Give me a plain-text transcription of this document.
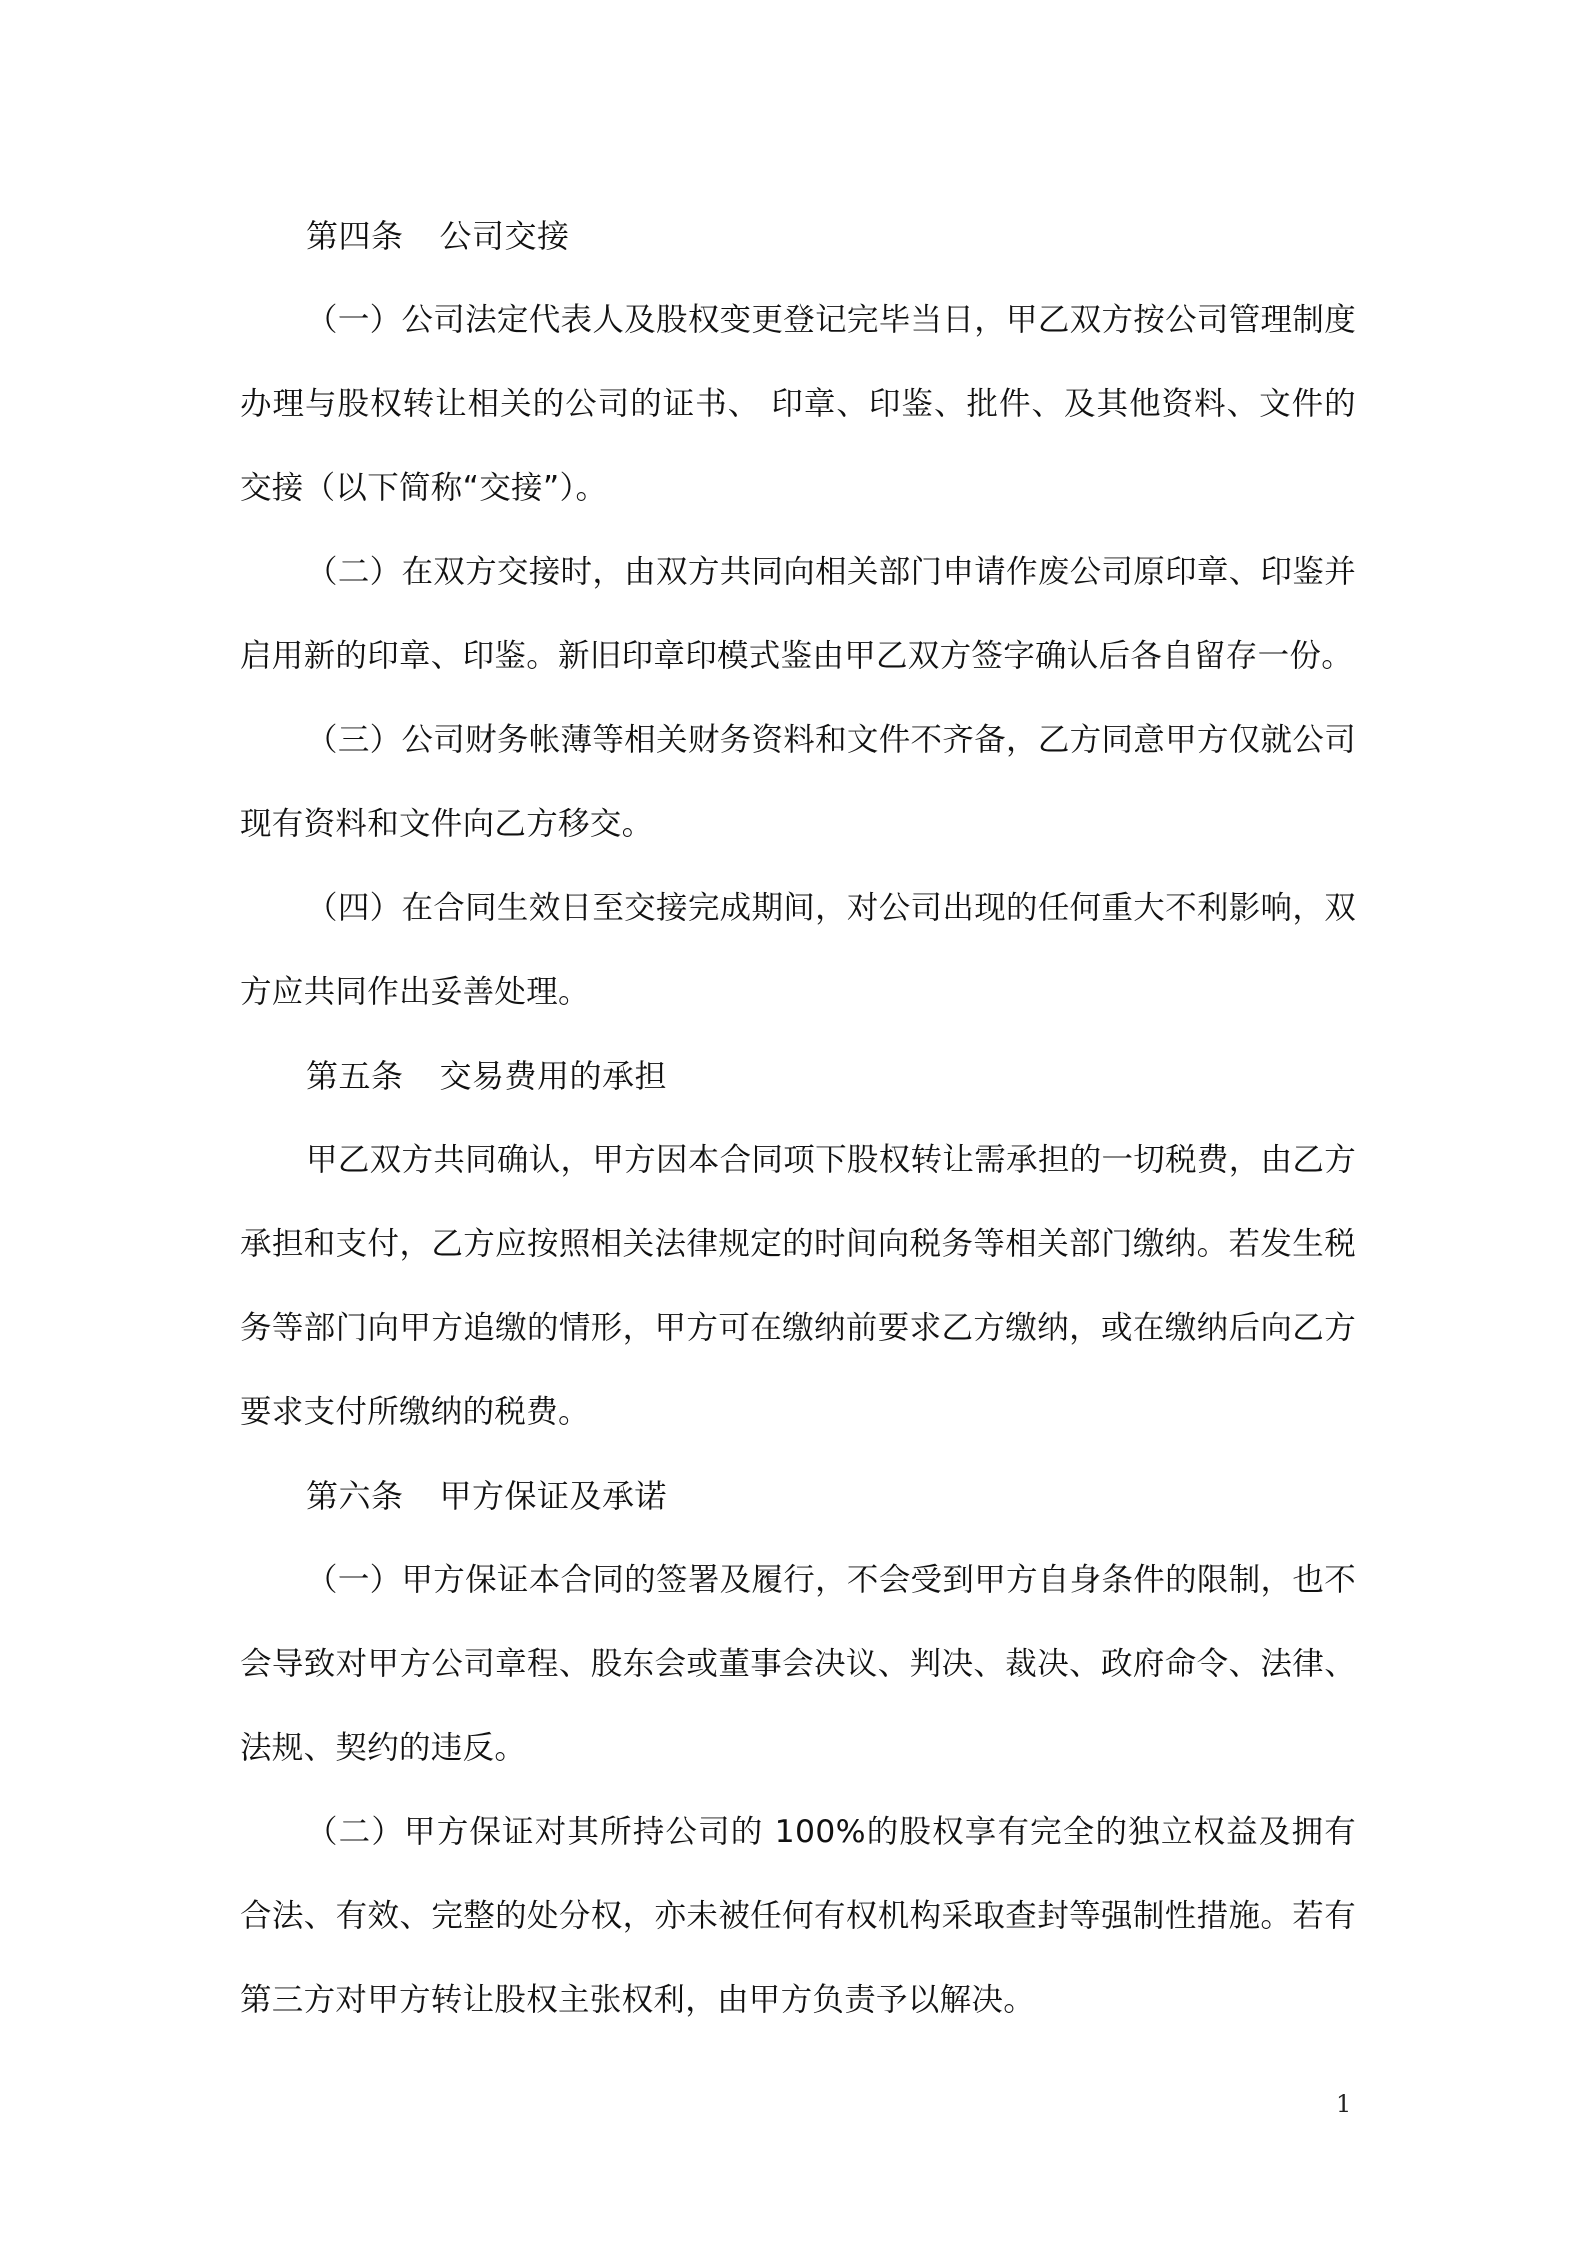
第四条 公司交接

（一）公司法定代表人及股权变更登记完毕当日，甲乙双方按公司管理制度办理与股权转让相关的公司的证书、 印章、印鉴、批件、及其他资料、文件的交接（以下简称“交接”）。

（二）在双方交接时，由双方共同向相关部门申请作废公司原印章、印鉴并启用新的印章、印鉴。新旧印章印模式鉴由甲乙双方签字确认后各自留存一份。

（三）公司财务帐薄等相关财务资料和文件不齐备，乙方同意甲方仅就公司现有资料和文件向乙方移交。

（四）在合同生效日至交接完成期间，对公司出现的任何重大不利影响，双方应共同作出妥善处理。

第五条 交易费用的承担

甲乙双方共同确认，甲方因本合同项下股权转让需承担的一切税费，由乙方承担和支付，乙方应按照相关法律规定的时间向税务等相关部门缴纳。若发生税务等部门向甲方追缴的情形，甲方可在缴纳前要求乙方缴纳，或在缴纳后向乙方要求支付所缴纳的税费。

第六条 甲方保证及承诺

（一）甲方保证本合同的签署及履行，不会受到甲方自身条件的限制，也不会导致对甲方公司章程、股东会或董事会决议、判决、裁决、政府命令、法律、法规、契约的违反。

（二）甲方保证对其所持公司的 100%的股权享有完全的独立权益及拥有合法、有效、完整的处分权，亦未被任何有权机构采取查封等强制性措施。若有第三方对甲方转让股权主张权利，由甲方负责予以解决。

1
